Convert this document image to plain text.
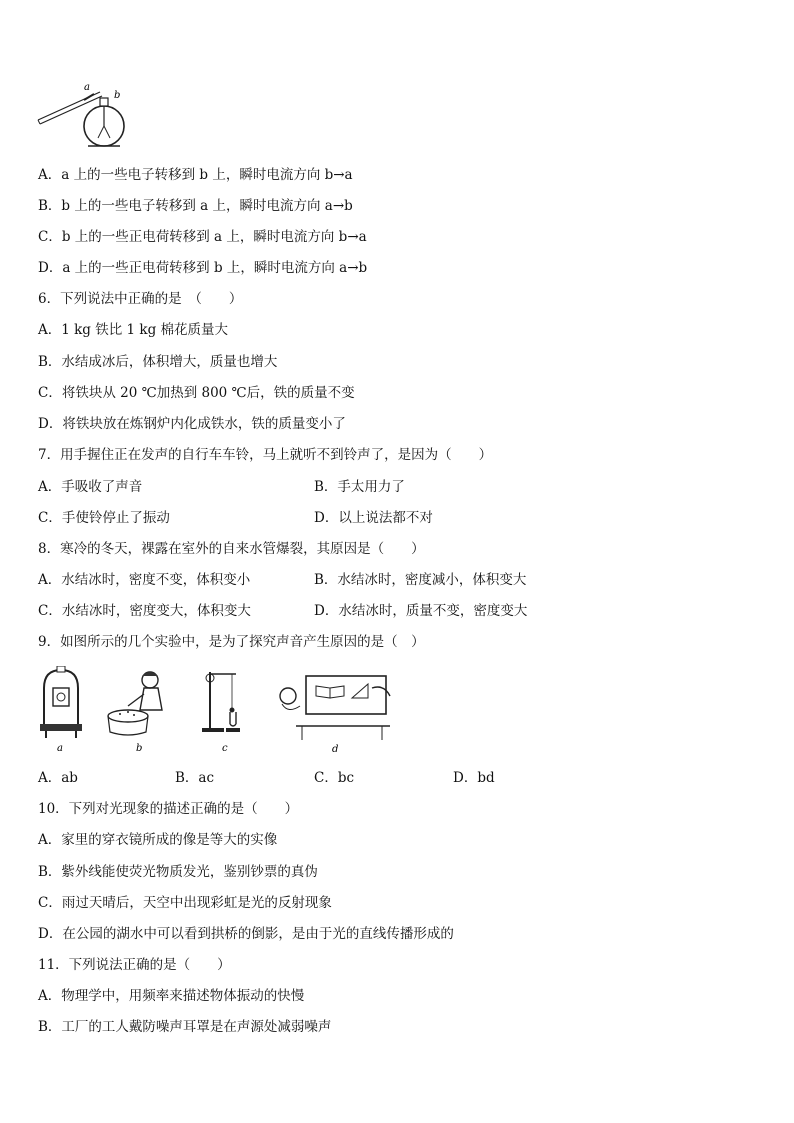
a
b
A．a 上的一些电子转移到 b 上，瞬时电流方向 b→a
B．b 上的一些电子转移到 a 上，瞬时电流方向 a→b
C．b 上的一些正电荷转移到 a 上，瞬时电流方向 b→a
D．a 上的一些正电荷转移到 b 上，瞬时电流方向 a→b
6．下列说法中正确的是　（　　）
A．1 kg 铁比 1 kg 棉花质量大
B．水结成冰后，体积增大，质量也增大
C．将铁块从 20 ℃加热到 800 ℃后，铁的质量不变
D．将铁块放在炼钢炉内化成铁水，铁的质量变小了
7．用手握住正在发声的自行车车铃，马上就听不到铃声了，是因为（　　）
A．手吸收了声音	B．手太用力了
C．手使铃停止了振动	D．以上说法都不对
8．寒冷的冬天，裸露在室外的自来水管爆裂，其原因是（　　）
A．水结冰时，密度不变，体积变小	B．水结冰时，密度减小，体积变大
C．水结冰时，密度变大，体积变大	D．水结冰时，质量不变，密度变大
9．如图所示的几个实验中，是为了探究声音产生原因的是（　）
a	b	c	d
A．ab	B．ac	C．bc	D．bd
10．下列对光现象的描述正确的是（　　）
A．家里的穿衣镜所成的像是等大的实像
B．紫外线能使荧光物质发光，鉴别钞票的真伪
C．雨过天晴后，天空中出现彩虹是光的反射现象
D．在公园的湖水中可以看到拱桥的倒影，是由于光的直线传播形成的
11．下列说法正确的是（　　）
A．物理学中，用频率来描述物体振动的快慢
B．工厂的工人戴防噪声耳罩是在声源处减弱噪声
